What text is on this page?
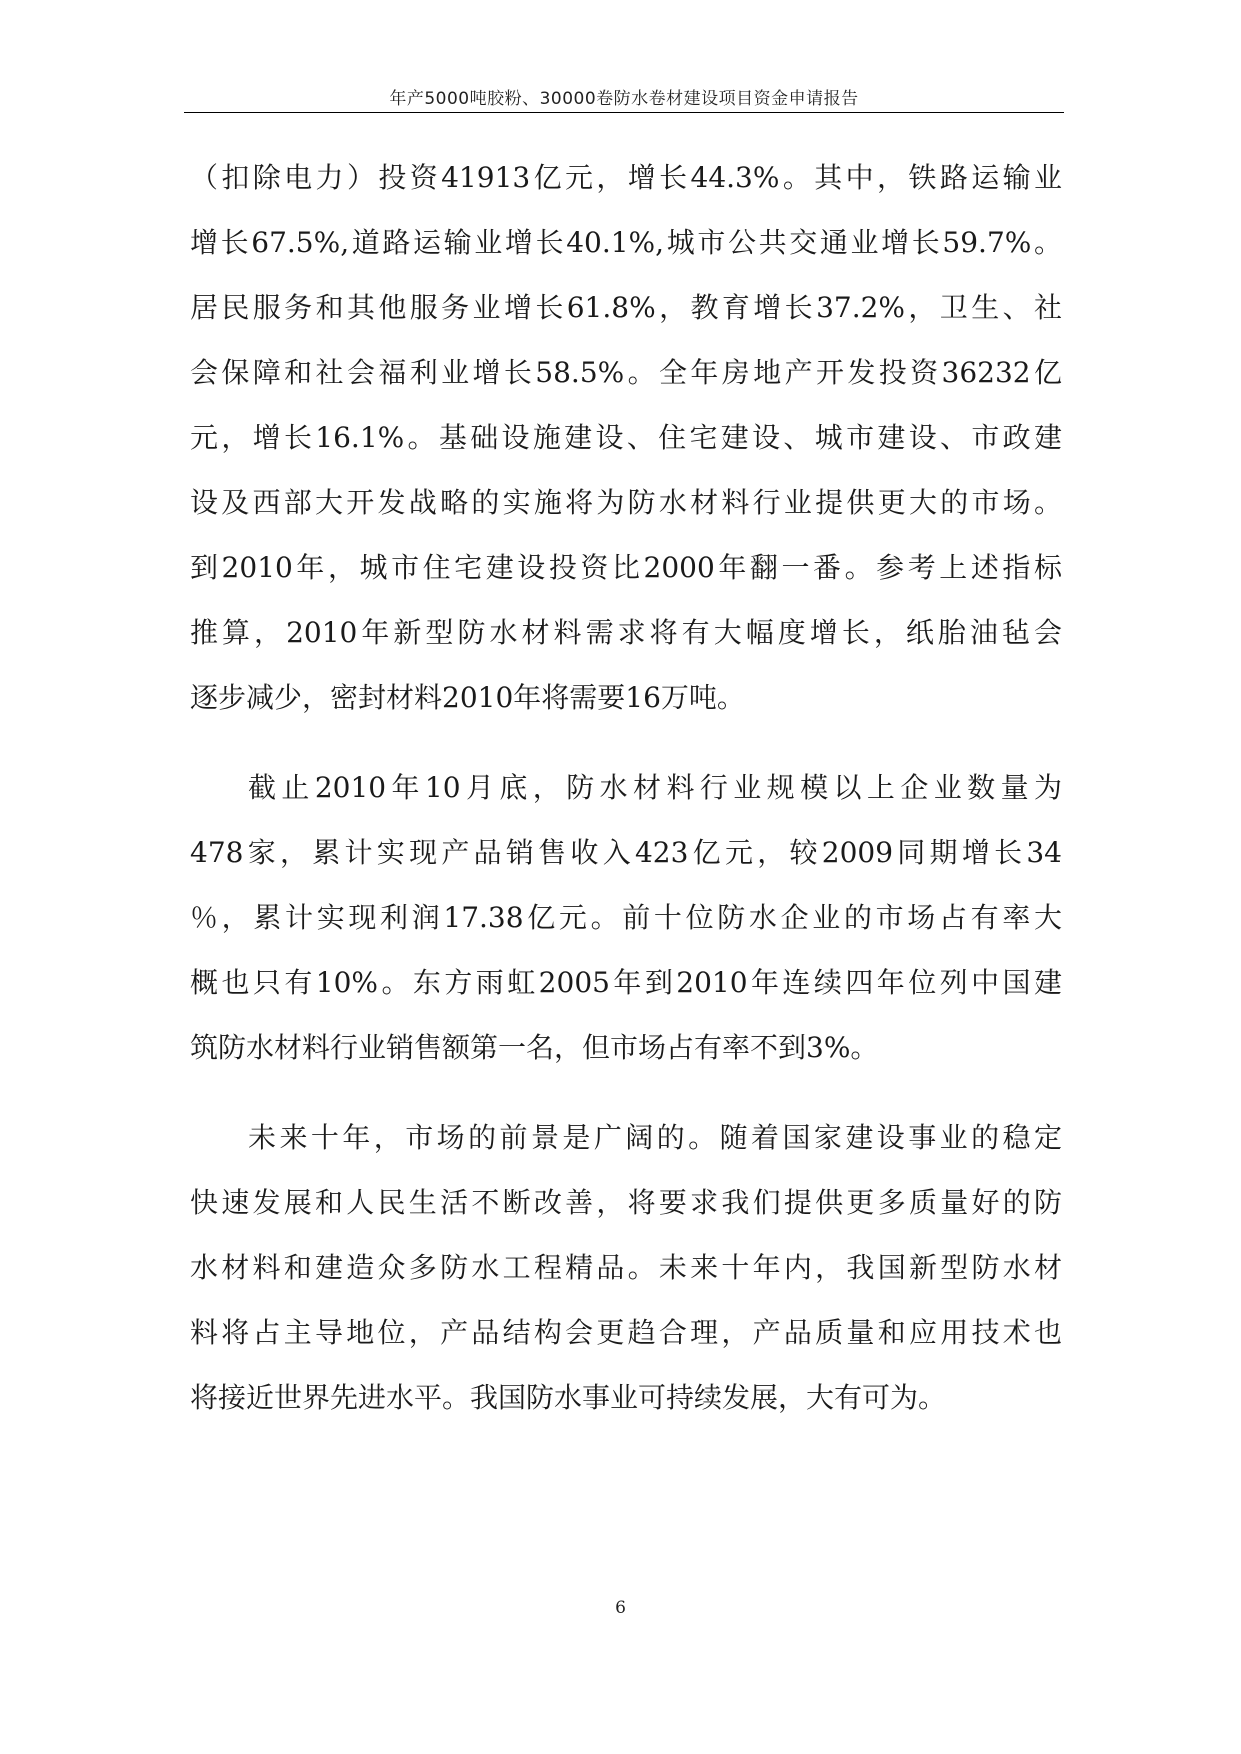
年产5000吨胶粉、30000卷防水卷材建设项目资金申请报告
（扣除电力）投资41913亿元，增长44.3%。其中，铁路运输业
增长67.5%,道路运输业增长40.1%,城市公共交通业增长59.7%。
居民服务和其他服务业增长61.8%，教育增长37.2%，卫生、社
会保障和社会福利业增长58.5%。全年房地产开发投资36232亿
元，增长16.1%。基础设施建设、住宅建设、城市建设、市政建
设及西部大开发战略的实施将为防水材料行业提供更大的市场。
到2010年，城市住宅建设投资比2000年翻一番。参考上述指标
推算，2010年新型防水材料需求将有大幅度增长，纸胎油毡会
逐步减少，密封材料2010年将需要16万吨。
截止2010年10月底，防水材料行业规模以上企业数量为
478家，累计实现产品销售收入423亿元，较2009同期增长34
％，累计实现利润17.38亿元。前十位防水企业的市场占有率大
概也只有10%。东方雨虹2005年到2010年连续四年位列中国建
筑防水材料行业销售额第一名，但市场占有率不到3%。
未来十年，市场的前景是广阔的。随着国家建设事业的稳定
快速发展和人民生活不断改善，将要求我们提供更多质量好的防
水材料和建造众多防水工程精品。未来十年内，我国新型防水材
料将占主导地位，产品结构会更趋合理，产品质量和应用技术也
将接近世界先进水平。我国防水事业可持续发展，大有可为。
6
